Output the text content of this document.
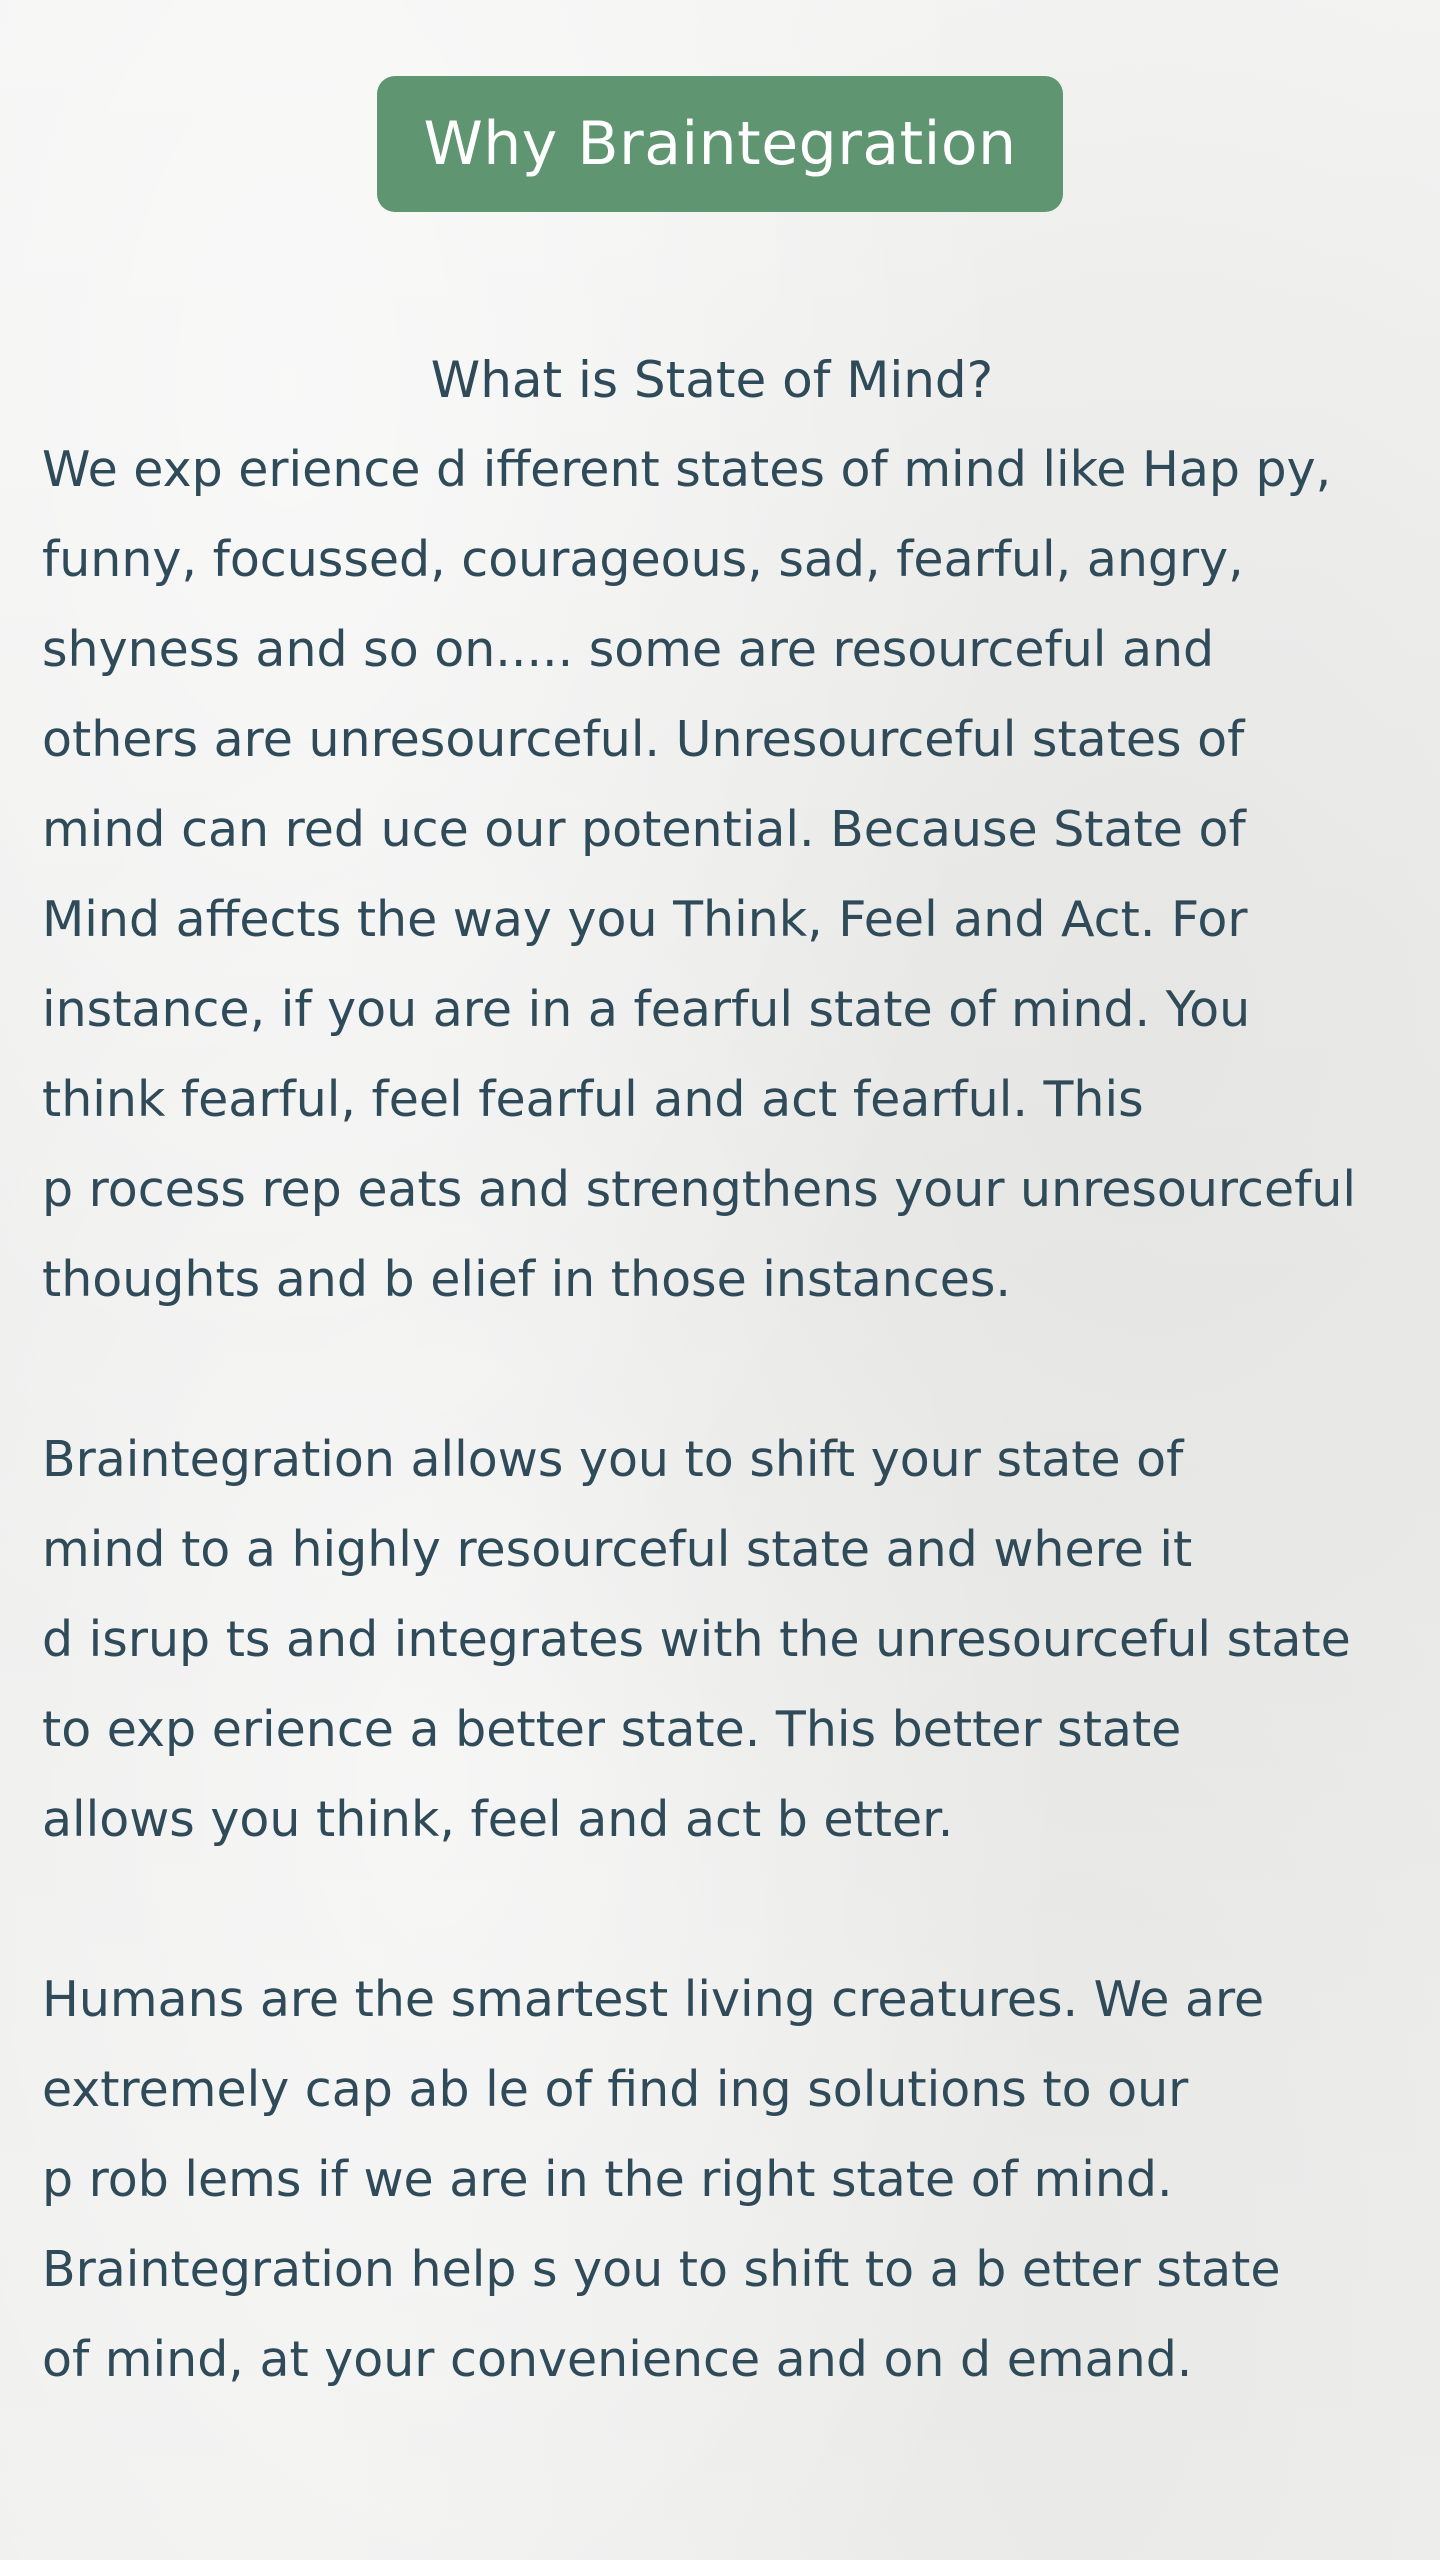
Why Braintegration
What is State of Mind?
We exp erience d ifferent states of mind like Hap py,
funny, focussed, courageous, sad, fearful, angry,
shyness and so on..... some are resourceful and
others are unresourceful. Unresourceful states of
mind can red uce our potential. Because State of
Mind affects the way you Think, Feel and Act. For
instance, if you are in a fearful state of mind. You
think fearful, feel fearful and act fearful. This
p rocess rep eats and strengthens your unresourceful
thoughts and b elief in those instances.
Braintegration allows you to shift your state of
mind to a highly resourceful state and where it
d isrup ts and integrates with the unresourceful state
to exp erience a better state. This better state
allows you think, feel and act b etter.
Humans are the smartest living creatures. We are
extremely cap ab le of find ing solutions to our
p rob lems if we are in the right state of mind.
Braintegration help s you to shift to a b etter state
of mind, at your convenience and on d emand.
